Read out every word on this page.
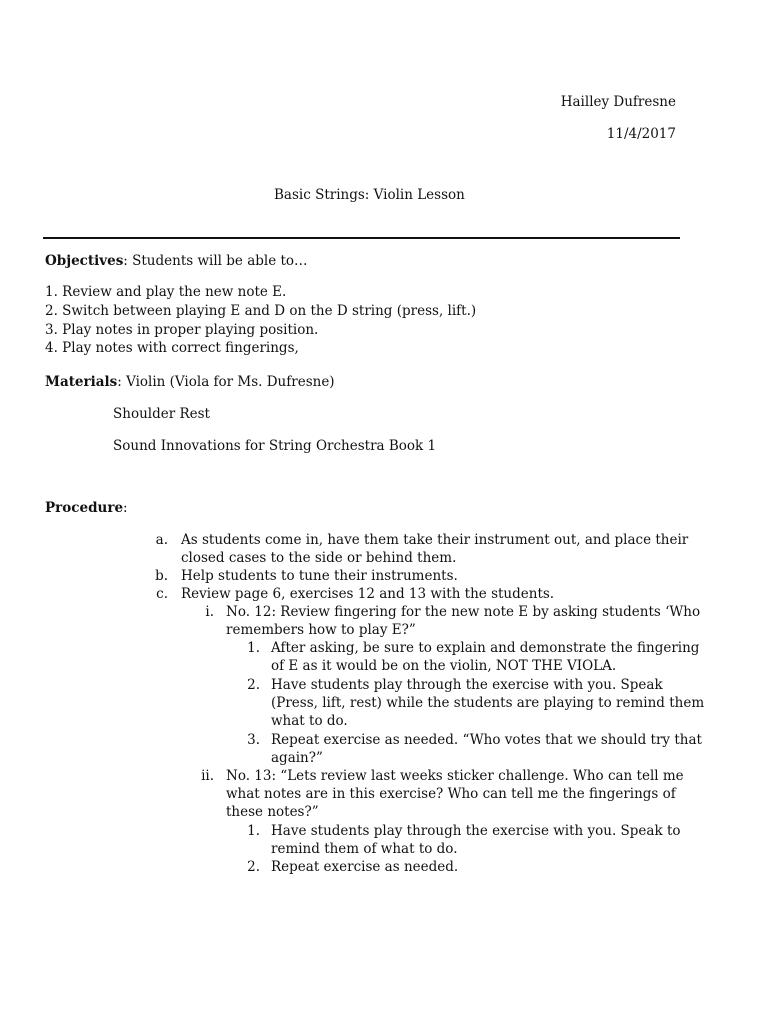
Hailley Dufresne
11/4/2017
Basic Strings: Violin Lesson
Objectives: Students will be able to…
1. Review and play the new note E.
2. Switch between playing E and D on the D string (press, lift.)
3. Play notes in proper playing position.
4. Play notes with correct fingerings,
Materials: Violin (Viola for Ms. Dufresne)
Shoulder Rest
Sound Innovations for String Orchestra Book 1
Procedure:
a. As students come in, have them take their instrument out, and place their
closed cases to the side or behind them.
b. Help students to tune their instruments.
c. Review page 6, exercises 12 and 13 with the students.
i. No. 12: Review fingering for the new note E by asking students ‘Who
remembers how to play E?”
1. After asking, be sure to explain and demonstrate the fingering
of E as it would be on the violin, NOT THE VIOLA.
2. Have students play through the exercise with you. Speak
(Press, lift, rest) while the students are playing to remind them
what to do.
3. Repeat exercise as needed. “Who votes that we should try that
again?”
ii. No. 13: “Lets review last weeks sticker challenge. Who can tell me
what notes are in this exercise? Who can tell me the fingerings of
these notes?”
1. Have students play through the exercise with you. Speak to
remind them of what to do.
2. Repeat exercise as needed.
